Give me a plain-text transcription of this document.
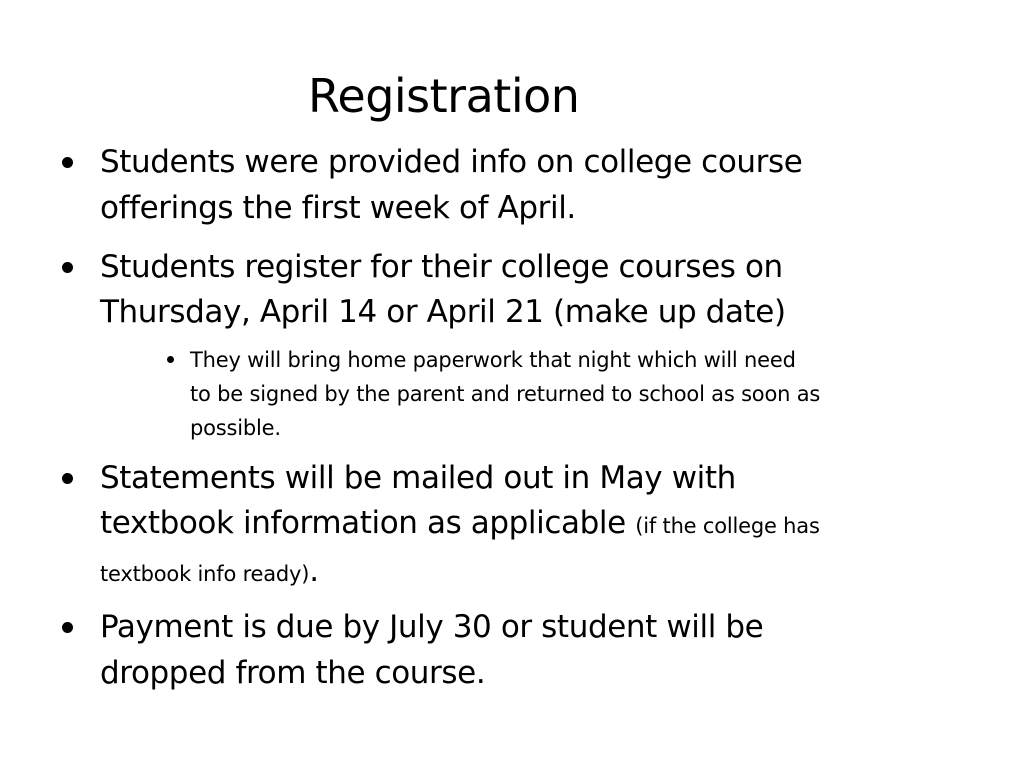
Registration
Students were provided info on college course
offerings the first week of April.
Students register for their college courses on
Thursday, April 14 or April 21 (make up date)
They will bring home paperwork that night which will need
to be signed by the parent and returned to school as soon as
possible.
Statements will be mailed out in May with
textbook information as applicable (if the college has
textbook info ready).
Payment is due by July 30 or student will be
dropped from the course.
